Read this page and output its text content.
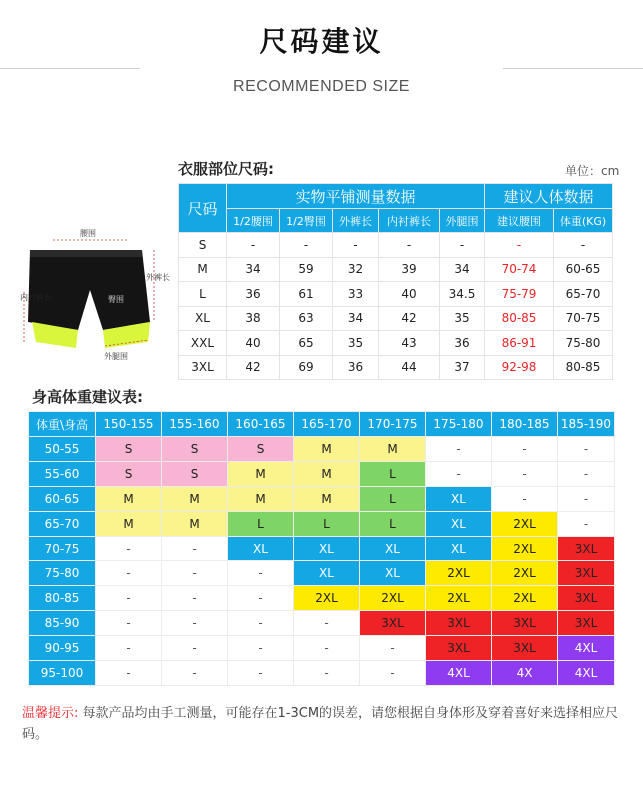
尺码建议
RECOMMENDED SIZE
衣服部位尺码:	单位：cm
腰围
外裤长
臀围
内衬裤长
外腿围
尺码	实物平铺测量数据					建议人体数据	
	1/2腰围	1/2臀围	外裤长	内衬裤长	外腿围	建议腰围	体重(KG)
S	-	-	-	-	-	-	-
M	34	59	32	39	34	70-74	60-65
L	36	61	33	40	34.5	75-79	65-70
XL	38	63	34	42	35	80-85	70-75
XXL	40	65	35	43	36	86-91	75-80
3XL	42	69	36	44	37	92-98	80-85
身高体重建议表:
体重\身高	150-155	155-160	160-165	165-170	170-175	175-180	180-185	185-190
50-55	S	S	S	M	M	-	-	-
55-60	S	S	M	M	L	-	-	-
60-65	M	M	M	M	L	XL	-	-
65-70	M	M	L	L	L	XL	2XL	-
70-75	-	-	XL	XL	XL	XL	2XL	3XL
75-80	-	-	-	XL	XL	2XL	2XL	3XL
80-85	-	-	-	2XL	2XL	2XL	2XL	3XL
85-90	-	-	-	-	3XL	3XL	3XL	3XL
90-95	-	-	-	-	-	3XL	3XL	4XL
95-100	-	-	-	-	-	4XL	4X	4XL
温馨提示: 每款产品均由手工测量，可能存在1-3CM的误差，请您根据自身体形及穿着喜好来选择相应尺码。
